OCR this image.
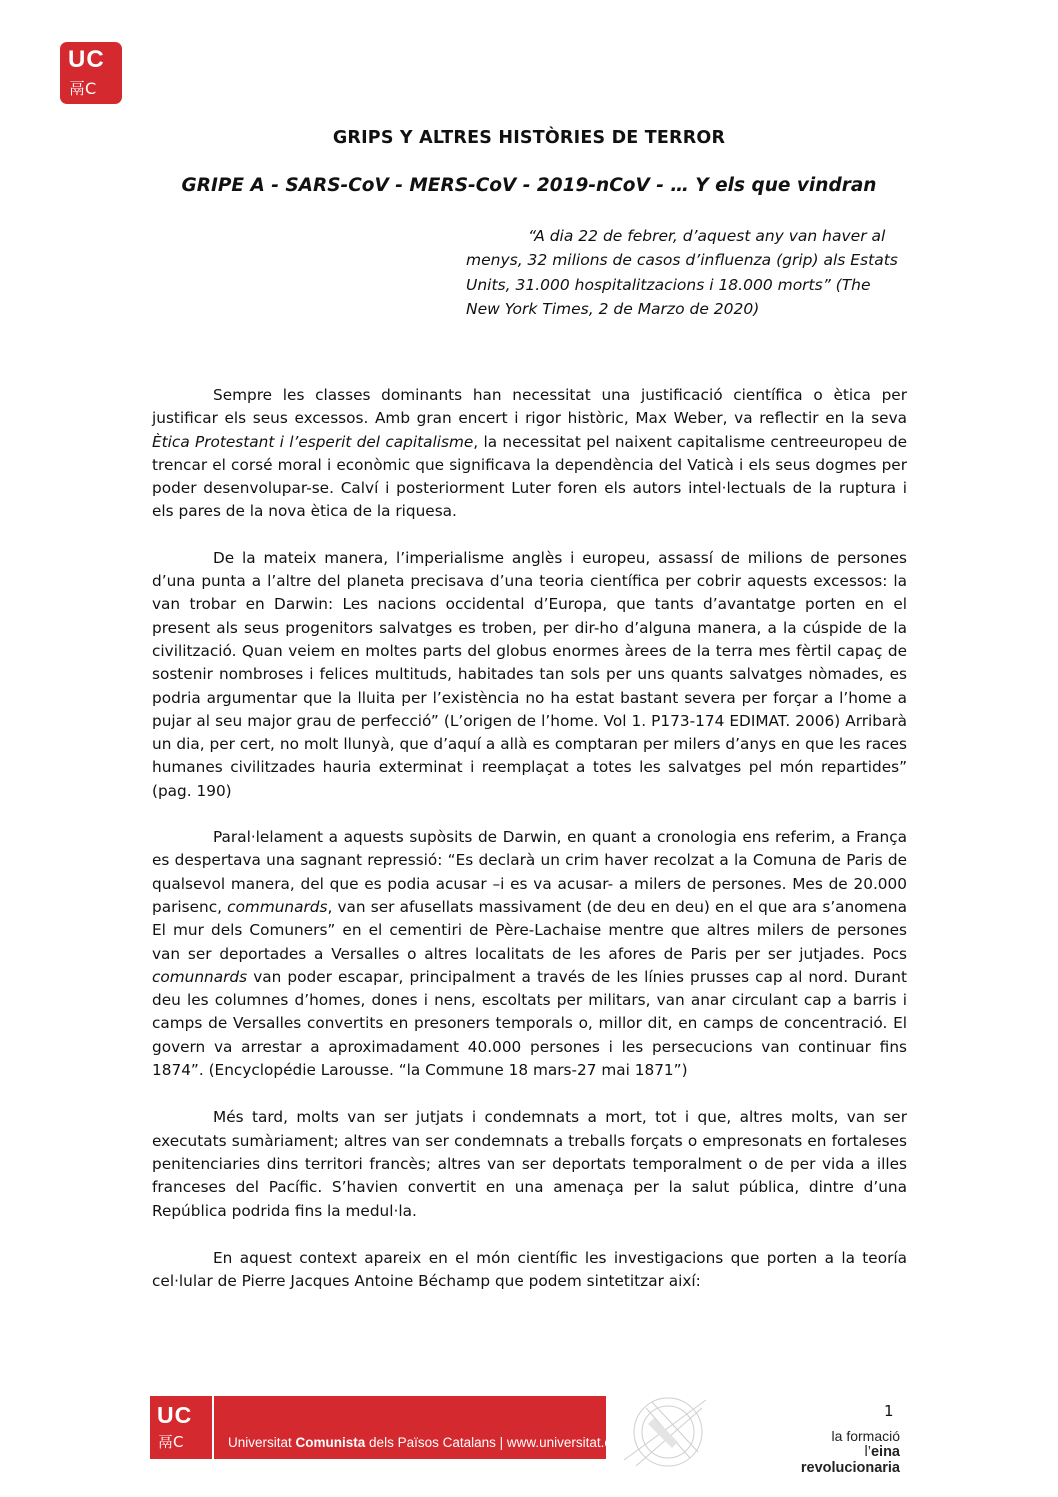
UC
鬲C
GRIPS Y ALTRES HISTÒRIES DE TERROR
GRIPE A - SARS-CoV - MERS-CoV - 2019-nCoV - … Y els que vindran
“A dia 22 de febrer, d’aquest any van haver al menys, 32 milions de casos d’influenza (grip) als Estats Units, 31.000 hospitalitzacions i 18.000 morts” (The New York Times, 2 de Marzo de 2020)

Sempre les classes dominants han necessitat una justificació científica o ètica per justificar els seus excessos. Amb gran encert i rigor històric, Max Weber, va reflectir en la seva Ètica Protestant i l’esperit del capitalisme, la necessitat pel naixent capitalisme centreeuropeu de trencar el corsé moral i econòmic que significava la dependència del Vaticà i els seus dogmes per poder desenvolupar-se. Calví i posteriorment Luter foren els autors intel·lectuals de la ruptura i els pares de la nova ètica de la riquesa.

De la mateix manera, l’imperialisme anglès i europeu, assassí de milions de persones d’una punta a l’altre del planeta precisava d’una teoria científica per cobrir aquests excessos: la van trobar en Darwin: Les nacions occidental d’Europa, que tants d’avantatge porten en el present als seus progenitors salvatges es troben, per dir-ho d’alguna manera, a la cúspide de la civilització. Quan veiem en moltes parts del globus enormes àrees de la terra mes fèrtil capaç de sostenir nombroses i felices multituds, habitades tan sols per uns quants salvatges nòmades, es podria argumentar que la lluita per l’existència no ha estat bastant severa per forçar a l’home a pujar al seu major grau de perfecció” (L’origen de l’home. Vol 1. P173-174 EDIMAT. 2006) Arribarà un dia, per cert, no molt llunyà, que d’aquí a allà es comptaran per milers d’anys en que les races humanes civilitzades hauria exterminat i reemplaçat a totes les salvatges pel món repartides” (pag. 190)

Paral·lelament a aquests supòsits de Darwin, en quant a cronologia ens referim, a França es despertava una sagnant repressió: “Es declarà un crim haver recolzat a la Comuna de Paris de qualsevol manera, del que es podia acusar –i es va acusar- a milers de persones. Mes de 20.000 parisenc, communards, van ser afusellats massivament (de deu en deu) en el que ara s’anomena El mur dels Comuners” en el cementiri de Père-Lachaise mentre que altres milers de persones van ser deportades a Versalles o altres localitats de les afores de Paris per ser jutjades. Pocs comunnards van poder escapar, principalment a través de les línies prusses cap al nord. Durant deu les columnes d’homes, dones i nens, escoltats per militars, van anar circulant cap a barris i camps de Versalles convertits en presoners temporals o, millor dit, en camps de concentració. El govern va arrestar a aproximadament 40.000 persones i les persecucions van continuar fins 1874”. (Encyclopédie Larousse. “la Commune 18 mars-27 mai 1871”)

Més tard, molts van ser jutjats i condemnats a mort, tot i que, altres molts, van ser executats sumàriament; altres van ser condemnats a treballs forçats o empresonats en fortaleses penitenciaries dins territori francès; altres van ser deportats temporalment o de per vida a illes franceses del Pacífic. S’havien convertit en una amenaça per la salut pública, dintre d’una República podrida fins la medul·la.

En aquest context apareix en el món científic les investigacions que porten a la teoría cel·lular de Pierre Jacques Antoine Béchamp que podem sintetitzar així:

1
UC
鬲C	Universitat Comunista dels Països Catalans | www.universitat.cat	la formació
l’eina revolucionaria
